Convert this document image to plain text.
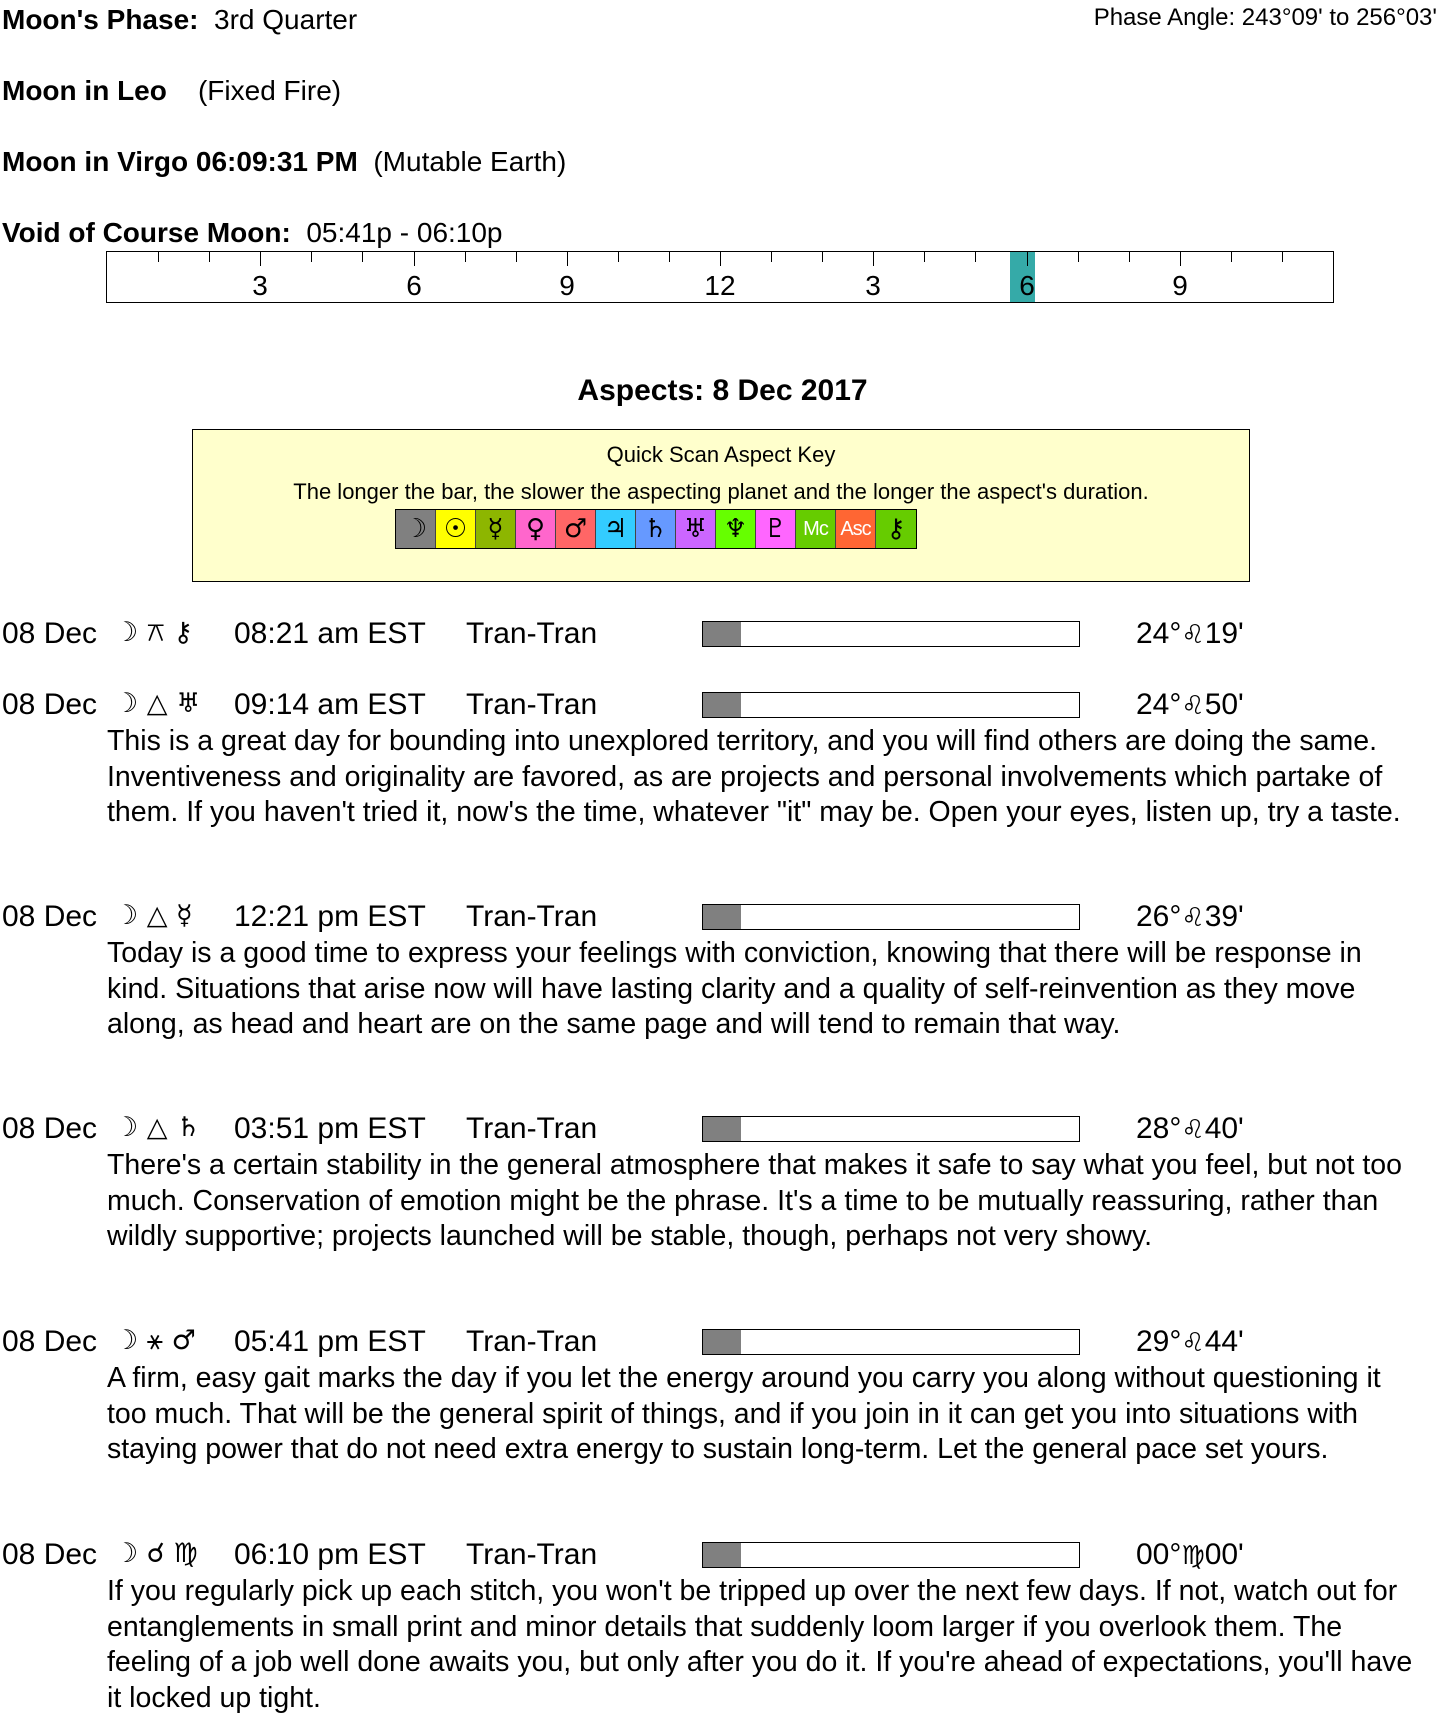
Moon's Phase: 3rd Quarter	Phase Angle: 243°09' to 256°03'
Moon in Leo (Fixed Fire)
Moon in Virgo 06:09:31 PM (Mutable Earth)
Void of Course Moon: 05:41p - 06:10p
3	6	9	12	3	6	9
Aspects: 8 Dec 2017
Quick Scan Aspect Key
The longer the bar, the slower the aspecting planet and the longer the aspect's duration.
☽ ☉ ☿ ♀ ♂ ♃ ♄ ♅ ♆ ♇ Mc Asc ⚷
08 Dec ☽ ⚻ ⚷ 08:21 am EST Tran-Tran	24°♌19'
08 Dec ☽ △ ♅ 09:14 am EST Tran-Tran	24°♌50'
This is a great day for bounding into unexplored territory, and you will find others are doing the same. Inventiveness and originality are favored, as are projects and personal involvements which partake of them. If you haven't tried it, now's the time, whatever "it" may be. Open your eyes, listen up, try a taste.
08 Dec ☽ △ ☿ 12:21 pm EST Tran-Tran	26°♌39'
Today is a good time to express your feelings with conviction, knowing that there will be response in kind. Situations that arise now will have lasting clarity and a quality of self-reinvention as they move along, as head and heart are on the same page and will tend to remain that way.
08 Dec ☽ △ ♄ 03:51 pm EST Tran-Tran	28°♌40'
There's a certain stability in the general atmosphere that makes it safe to say what you feel, but not too much. Conservation of emotion might be the phrase. It's a time to be mutually reassuring, rather than wildly supportive; projects launched will be stable, though, perhaps not very showy.
08 Dec ☽ ⚹ ♂ 05:41 pm EST Tran-Tran	29°♌44'
A firm, easy gait marks the day if you let the energy around you carry you along without questioning it too much. That will be the general spirit of things, and if you join in it can get you into situations with staying power that do not need extra energy to sustain long-term. Let the general pace set yours.
08 Dec ☽ ☌ ♍ 06:10 pm EST Tran-Tran	00°♍00'
If you regularly pick up each stitch, you won't be tripped up over the next few days. If not, watch out for entanglements in small print and minor details that suddenly loom larger if you overlook them. The feeling of a job well done awaits you, but only after you do it. If you're ahead of expectations, you'll have it locked up tight.
